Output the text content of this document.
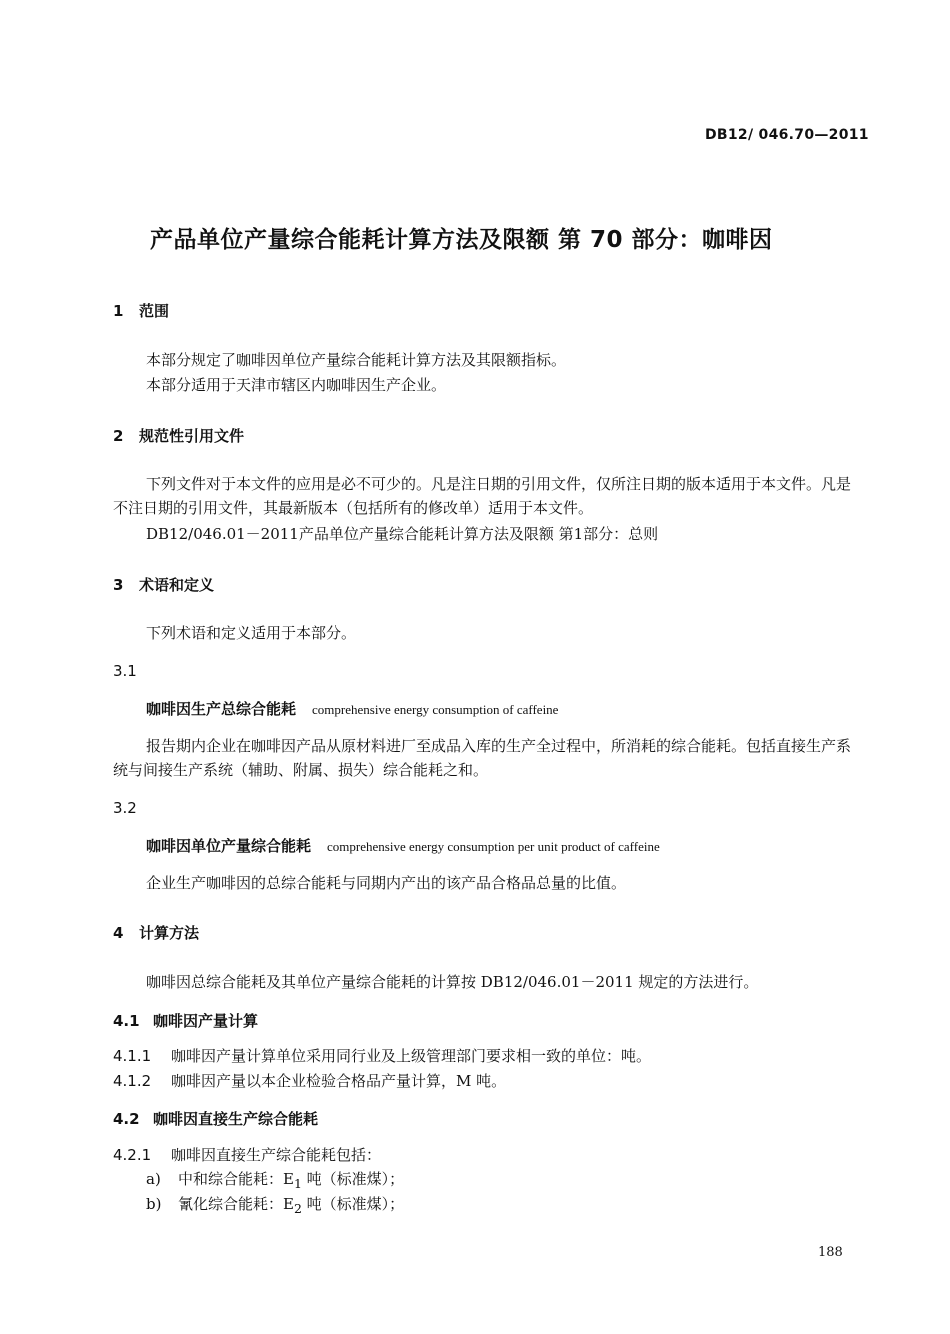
DB12/ 046.70—2011
产品单位产量综合能耗计算方法及限额 第 70 部分：咖啡因
1 范围
本部分规定了咖啡因单位产量综合能耗计算方法及其限额指标。
本部分适用于天津市辖区内咖啡因生产企业。
2 规范性引用文件

下列文件对于本文件的应用是必不可少的。凡是注日期的引用文件，仅所注日期的版本适用于本文件。凡是不注日期的引用文件，其最新版本（包括所有的修改单）适用于本文件。

DB12/046.01－2011产品单位产量综合能耗计算方法及限额 第1部分：总则
3 术语和定义
下列术语和定义适用于本部分。
3.1
咖啡因生产总综合能耗 comprehensive energy consumption of caffeine

报告期内企业在咖啡因产品从原材料进厂至成品入库的生产全过程中，所消耗的综合能耗。包括直接生产系统与间接生产系统（辅助、附属、损失）综合能耗之和。

3.2
咖啡因单位产量综合能耗 comprehensive energy consumption per unit product of caffeine
企业生产咖啡因的总综合能耗与同期内产出的该产品合格品总量的比值。
4 计算方法
咖啡因总综合能耗及其单位产量综合能耗的计算按 DB12/046.01－2011 规定的方法进行。
4.1 咖啡因产量计算
4.1.1 咖啡因产量计算单位采用同行业及上级管理部门要求相一致的单位：吨。
4.1.2 咖啡因产量以本企业检验合格品产量计算，M 吨。
4.2 咖啡因直接生产综合能耗
4.2.1 咖啡因直接生产综合能耗包括：
a) 中和综合能耗：$E_1$ 吨（标准煤）；
b) 氰化综合能耗：$E_2$ 吨（标准煤）；
188
